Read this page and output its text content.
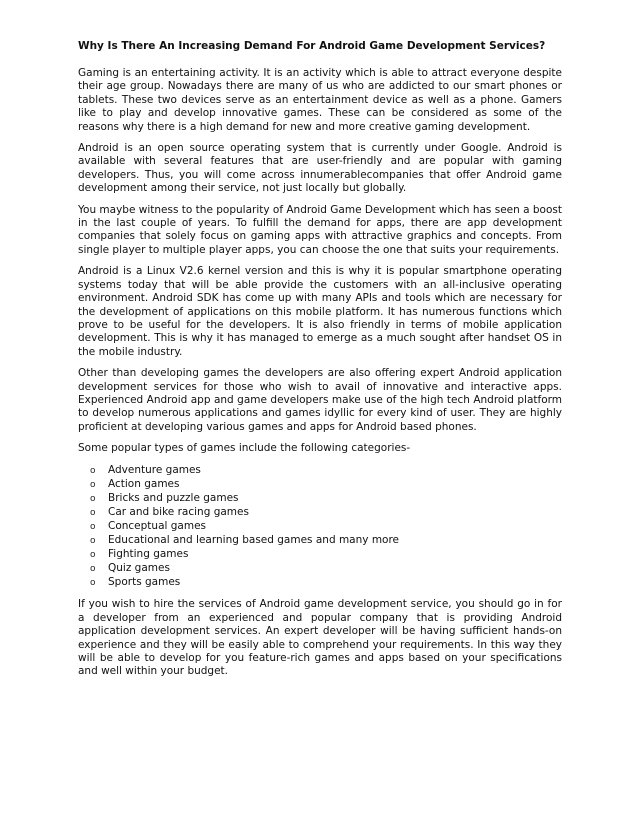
Why Is There An Increasing Demand For Android Game Development Services?

Gaming is an entertaining activity. It is an activity which is able to attract everyone despite their age group. Nowadays there are many of us who are addicted to our smart phones or tablets. These two devices serve as an entertainment device as well as a phone. Gamers like to play and develop innovative games. These can be considered as some of the reasons why there is a high demand for new and more creative gaming development.

Android is an open source operating system that is currently under Google. Android is available with several features that are user-friendly and are popular with gaming developers. Thus, you will come across innumerablecompanies that offer Android game development among their service, not just locally but globally.

You maybe witness to the popularity of Android Game Development which has seen a boost in the last couple of years. To fulfill the demand for apps, there are app development companies that solely focus on gaming apps with attractive graphics and concepts. From single player to multiple player apps, you can choose the one that suits your requirements.

Android is a Linux V2.6 kernel version and this is why it is popular smartphone operating systems today that will be able provide the customers with an all-inclusive operating environment. Android SDK has come up with many APIs and tools which are necessary for the development of applications on this mobile platform. It has numerous functions which prove to be useful for the developers. It is also friendly in terms of mobile application development. This is why it has managed to emerge as a much sought after handset OS in the mobile industry.

Other than developing games the developers are also offering expert Android application development services for those who wish to avail of innovative and interactive apps. Experienced Android app and game developers make use of the high tech Android platform to develop numerous applications and games idyllic for every kind of user. They are highly proficient at developing various games and apps for Android based phones.

Some popular types of games include the following categories-

o	Adventure games
o	Action games
o	Bricks and puzzle games
o	Car and bike racing games
o	Conceptual games
o	Educational and learning based games and many more
o	Fighting games
o	Quiz games
o	Sports games

If you wish to hire the services of Android game development service, you should go in for a developer from an experienced and popular company that is providing Android application development services. An expert developer will be having sufficient hands-on experience and they will be easily able to comprehend your requirements. In this way they will be able to develop for you feature-rich games and apps based on your specifications and well within your budget.
